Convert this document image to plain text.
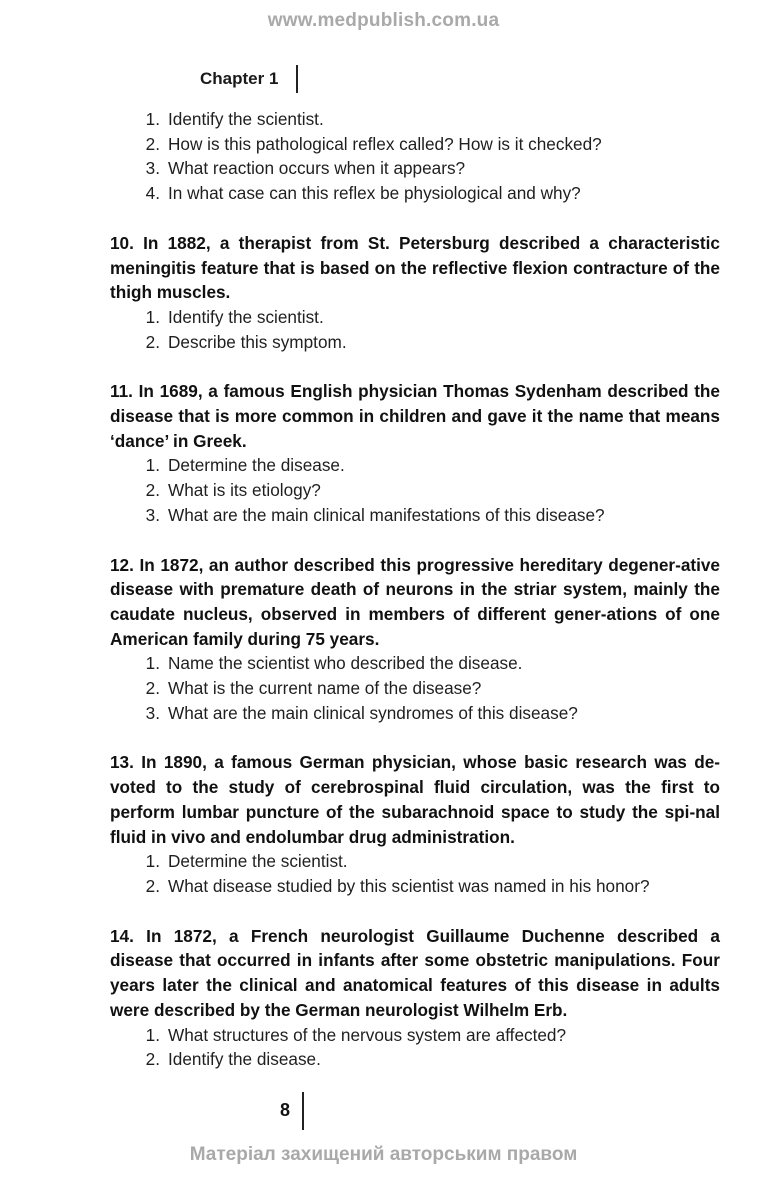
www.medpublish.com.ua
Chapter 1
1. Identify the scientist.
2. How is this pathological reflex called? How is it checked?
3. What reaction occurs when it appears?
4. In what case can this reflex be physiological and why?

10. In 1882, a therapist from St. Petersburg described a characteristic meningitis feature that is based on the reflective flexion contracture of the thigh muscles.

1. Identify the scientist.
2. Describe this symptom.

11. In 1689, a famous English physician Thomas Sydenham described the disease that is more common in children and gave it the name that means ‘dance’ in Greek.

1. Determine the disease.
2. What is its etiology?
3. What are the main clinical manifestations of this disease?

12. In 1872, an author described this progressive hereditary degener-ative disease with premature death of neurons in the striar system, mainly the caudate nucleus, observed in members of different gener-ations of one American family during 75 years.

1. Name the scientist who described the disease.
2. What is the current name of the disease?
3. What are the main clinical syndromes of this disease?

13. In 1890, a famous German physician, whose basic research was de-voted to the study of cerebrospinal fluid circulation, was the first to perform lumbar puncture of the subarachnoid space to study the spi-nal fluid in vivo and endolumbar drug administration.

1. Determine the scientist.
2. What disease studied by this scientist was named in his honor?

14. In 1872, a French neurologist Guillaume Duchenne described a disease that occurred in infants after some obstetric manipulations. Four years later the clinical and anatomical features of this disease in adults were described by the German neurologist Wilhelm Erb.

1. What structures of the nervous system are affected?
2. Identify the disease.
8
Матеріал захищений авторським правом
